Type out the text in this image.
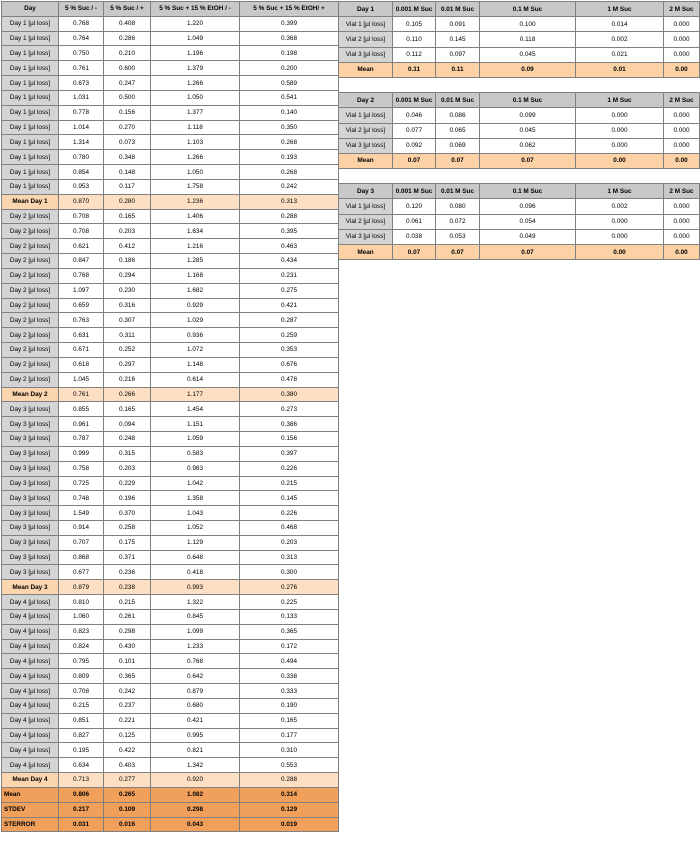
Day	5 % Suc / -	5 % Suc / +	5 % Suc + 15 % EtOH / -	5 % Suc + 15 % EtOH/ +
Day 1 [µl loss]	0.768	0.408	1.220	0.399
Day 1 [µl loss]	0.764	0.286	1.049	0.368
Day 1 [µl loss]	0.750	0.210	1.196	0.198
Day 1 [µl loss]	0.761	0.600	1.379	0.200
Day 1 [µl loss]	0.673	0.247	1.266	0.589
Day 1 [µl loss]	1.031	0.500	1.050	0.541
Day 1 [µl loss]	0.778	0.156	1.377	0.140
Day 1 [µl loss]	1.014	0.270	1.118	0.350
Day 1 [µl loss]	1.314	0.073	1.103	0.268
Day 1 [µl loss]	0.780	0.348	1.266	0.193
Day 1 [µl loss]	0.854	0.148	1.050	0.268
Day 1 [µl loss]	0.953	0.117	1.758	0.242
Mean Day 1	0.870	0.280	1.236	0.313
Day 2 [µl loss]	0.708	0.165	1.406	0.288
Day 2 [µl loss]	0.708	0.203	1.634	0.395
Day 2 [µl loss]	0.621	0.412	1.216	0.463
Day 2 [µl loss]	0.847	0.186	1.285	0.434
Day 2 [µl loss]	0.768	0.294	1.168	0.231
Day 2 [µl loss]	1.097	0.230	1.682	0.275
Day 2 [µl loss]	0.659	0.316	0.929	0.421
Day 2 [µl loss]	0.763	0.307	1.029	0.287
Day 2 [µl loss]	0.631	0.311	0.936	0.259
Day 2 [µl loss]	0.671	0.252	1.072	0.353
Day 2 [µl loss]	0.618	0.297	1.148	0.676
Day 2 [µl loss]	1.045	0.216	0.614	0.478
Mean Day 2	0.761	0.266	1.177	0.380
Day 3 [µl loss]	0.855	0.165	1.454	0.273
Day 3 [µl loss]	0.961	0.094	1.151	0.386
Day 3 [µl loss]	0.787	0.248	1.059	0.156
Day 3 [µl loss]	0.999	0.315	0.583	0.397
Day 3 [µl loss]	0.758	0.203	0.983	0.226
Day 3 [µl loss]	0.725	0.229	1.042	0.215
Day 3 [µl loss]	0.748	0.196	1.358	0.145
Day 3 [µl loss]	1.549	0.370	1.043	0.226
Day 3 [µl loss]	0.914	0.258	1.052	0.468
Day 3 [µl loss]	0.707	0.175	1.129	0.203
Day 3 [µl loss]	0.868	0.371	0.648	0.313
Day 3 [µl loss]	0.677	0.236	0.418	0.300
Mean Day 3	0.879	0.238	0.993	0.276
Day 4 [µl loss]	0.810	0.215	1.322	0.225
Day 4 [µl loss]	1.060	0.261	0.845	0.133
Day 4 [µl loss]	0.823	0.298	1.099	0.365
Day 4 [µl loss]	0.824	0.430	1.233	0.172
Day 4 [µl loss]	0.795	0.101	0.768	0.494
Day 4 [µl loss]	0.809	0.365	0.642	0.338
Day 4 [µl loss]	0.708	0.242	0.879	0.333
Day 4 [µl loss]	0.215	0.237	0.680	0.190
Day 4 [µl loss]	0.851	0.221	0.421	0.165
Day 4 [µl loss]	0.827	0.125	0.995	0.177
Day 4 [µl loss]	0.195	0.422	0.821	0.310
Day 4 [µl loss]	0.634	0.403	1.342	0.553
Mean Day 4	0.713	0.277	0.920	0.288
Mean	0.806	0.265	1.082	0.314
STDEV	0.217	0.109	0.298	0.129
STERROR	0.031	0.016	0.043	0.019
Day 1	0.001 M Suc	0.01 M Suc	0.1 M Suc	1 M Suc	2 M Suc
Vial 1 [µl loss]	0.105	0.091	0.100	0.014	0.000
Vial 2 [µl loss]	0.110	0.145	0.118	0.002	0.000
Vial 3 [µl loss]	0.112	0.097	0.045	0.021	0.000
Mean	0.11	0.11	0.09	0.01	0.00

Day 2	0.001 M Suc	0.01 M Suc	0.1 M Suc	1 M Suc	2 M Suc
Vial 1 [µl loss]	0.046	0.086	0.099	0.000	0.000
Vial 2 [µl loss]	0.077	0.065	0.045	0.000	0.000
Vial 3 [µl loss]	0.092	0.069	0.062	0.000	0.000
Mean	0.07	0.07	0.07	0.00	0.00

Day 3	0.001 M Suc	0.01 M Suc	0.1 M Suc	1 M Suc	2 M Suc
Vial 1 [µl loss]	0.120	0.080	0.096	0.002	0.000
Vial 2 [µl loss]	0.061	0.072	0.054	0.000	0.000
Vial 3 [µl loss]	0.038	0.053	0.049	0.000	0.000
Mean	0.07	0.07	0.07	0.00	0.00
